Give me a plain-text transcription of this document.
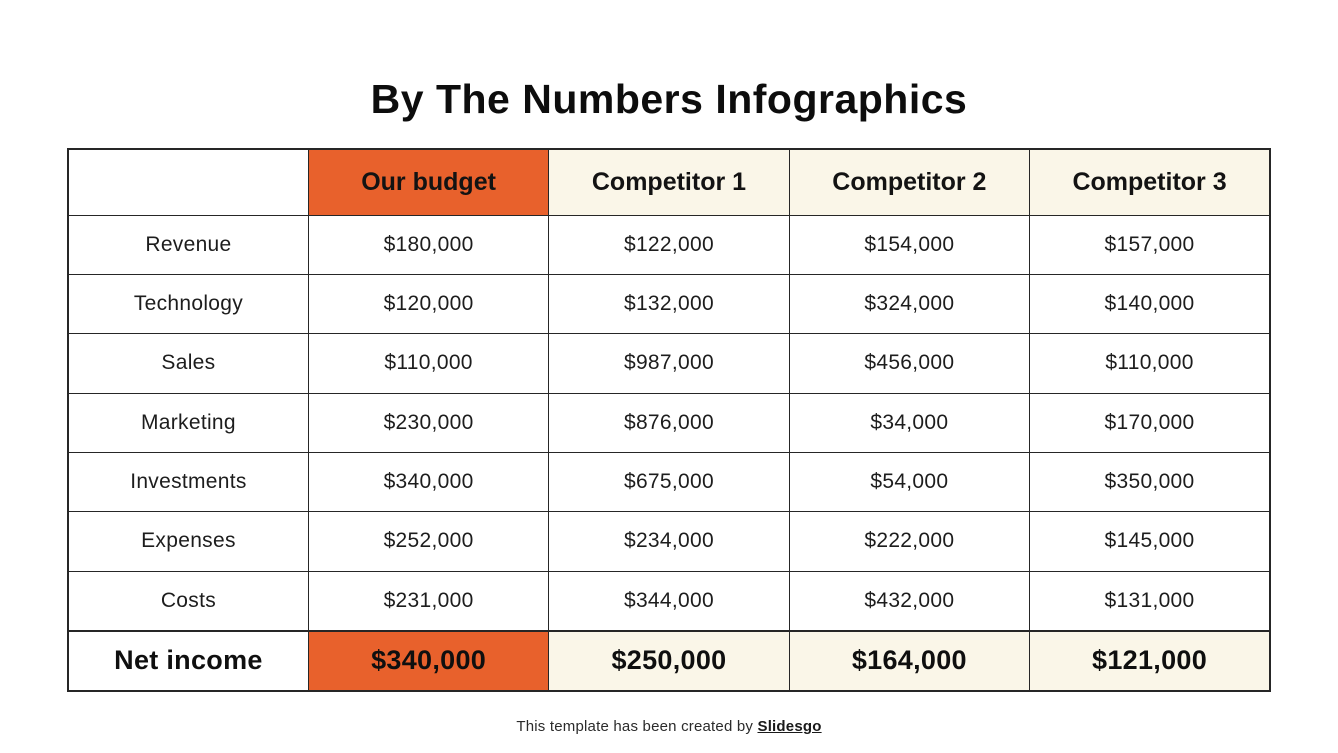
By The Numbers Infographics
	Our budget	Competitor 1	Competitor 2	Competitor 3
Revenue	$180,000	$122,000	$154,000	$157,000
Technology	$120,000	$132,000	$324,000	$140,000
Sales	$110,000	$987,000	$456,000	$110,000
Marketing	$230,000	$876,000	$34,000	$170,000
Investments	$340,000	$675,000	$54,000	$350,000
Expenses	$252,000	$234,000	$222,000	$145,000
Costs	$231,000	$344,000	$432,000	$131,000
Net income	$340,000	$250,000	$164,000	$121,000
This template has been created by Slidesgo
